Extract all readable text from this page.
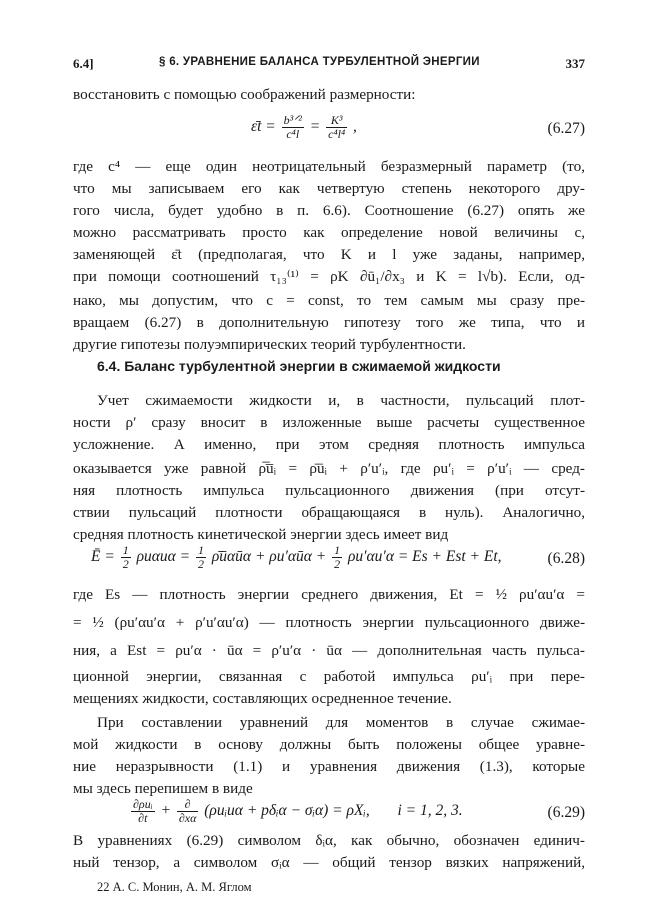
6.4]	§ 6. УРАВНЕНИЕ БАЛАНСА ТУРБУЛЕНТНОЙ ЭНЕРГИИ	337
восстановить с помощью соображений размерности:
ε̄t = $\frac{\text{b³ᐟ²}}{\text{c⁴l}} = \frac{\text{K³}}{\text{c⁴l⁴}}$ ,	(6.27)
где c⁴ — еще один неотрицательный безразмерный параметр (то,
что мы записываем его как четвертую степень некоторого дру-
гого числа, будет удобно в п. 6.6). Соотношение (6.27) опять же
можно рассматривать просто как определение новой величины c,
заменяющей ε̄t (предполагая, что K и l уже заданы, например,
при помощи соотношений τ₁₃⁽¹⁾ = ρK ∂ū₁/∂x₃ и K = l√b). Если, од-
нако, мы допустим, что c = const, то тем самым мы сразу пре-
вращаем (6.27) в дополнительную гипотезу того же типа, что и
другие гипотезы полуэмпирических теорий турбулентности.
6.4. Баланс турбулентной энергии в сжимаемой жидкости
Учет сжимаемости жидкости и, в частности, пульсаций плот-
ности ρ′ сразу вносит в изложенные выше расчеты существенное
усложнение. А именно, при этом средняя плотность импульса
оказывается уже равной ρ̅u̅ᵢ = ρ̄ūᵢ + ρ′u′ᵢ, где ρu′ᵢ = ρ′u′ᵢ — сред-
няя плотность импульса пульсационного движения (при отсут-
ствии пульсаций плотности обращающаяся в нуль). Аналогично,
средняя плотность кинетической энергии здесь имеет вид
Ē = $\frac{1}{2}$ $\rho u\alpha u\alpha = \frac{1}{2}$ ρ̄ūαūα + ρu′αūα + $\frac{1}{2} \rho u'\alpha u'\alpha = Es$ + Est + Et,	(6.28)
где Es — плотность энергии среднего движения, Et = ½ ρu′αu′α =
= ½ (ρu′αu′α + ρ′u′αu′α) — плотность энергии пульсационного движе-
ния, а Est = ρu′α · ūα = ρ′u′α · ūα — дополнительная часть пульса-
ционной энергии, связанная с работой импульса ρu′ᵢ при пере-
мещениях жидкости, составляющих осредненное течение.
При составлении уравнений для моментов в случае сжимае-
мой жидкости в основу должны быть положены общее уравне-
ние неразрывности (1.1) и уравнения движения (1.3), которые
мы здесь перепишем в виде
$\frac{\text{∂ρuᵢ}}{\partial t} + \frac{\partial}{\partial x\alpha}$ (ρuᵢuα + pδᵢα − σᵢα) = ρXᵢ, i = 1, 2, 3.	(6.29)
В уравнениях (6.29) символом δᵢα, как обычно, обозначен единич-
ный тензор, а символом σᵢα — общий тензор вязких напряжений,
22 А. С. Монин, А. М. Яглом
